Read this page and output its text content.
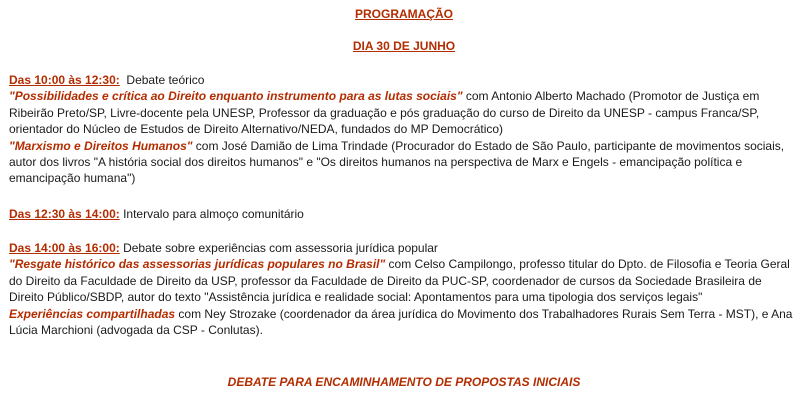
PROGRAMAÇÃO
DIA 30 DE JUNHO

Das 10:00 às 12:30: Debate teórico

"Possibilidades e crítica ao Direito enquanto instrumento para as lutas sociais" com Antonio Alberto Machado (Promotor de Justiça em Ribeirão Preto/SP, Livre-docente pela UNESP, Professor da graduação e pós graduação do curso de Direito da UNESP - campus Franca/SP, orientador do Núcleo de Estudos de Direito Alternativo/NEDA, fundados do MP Democrático)

"Marxismo e Direitos Humanos" com José Damião de Lima Trindade (Procurador do Estado de São Paulo, participante de movimentos sociais, autor dos livros "A história social dos direitos humanos" e "Os direitos humanos na perspectiva de Marx e Engels - emancipação política e emancipação humana")

Das 12:30 às 14:00: Intervalo para almoço comunitário

Das 14:00 às 16:00: Debate sobre experiências com assessoria jurídica popular

"Resgate histórico das assessorias jurídicas populares no Brasil" com Celso Campilongo, professo titular do Dpto. de Filosofia e Teoria Geral do Direito da Faculdade de Direito da USP, professor da Faculdade de Direito da PUC-SP, coordenador de cursos da Sociedade Brasileira de Direito Público/SBDP, autor do texto "Assistência jurídica e realidade social: Apontamentos para uma tipologia dos serviços legais"

Experiências compartilhadas com Ney Strozake (coordenador da área jurídica do Movimento dos Trabalhadores Rurais Sem Terra - MST), e Ana Lúcia Marchioni (advogada da CSP - Conlutas).

DEBATE PARA ENCAMINHAMENTO DE PROPOSTAS INICIAIS
